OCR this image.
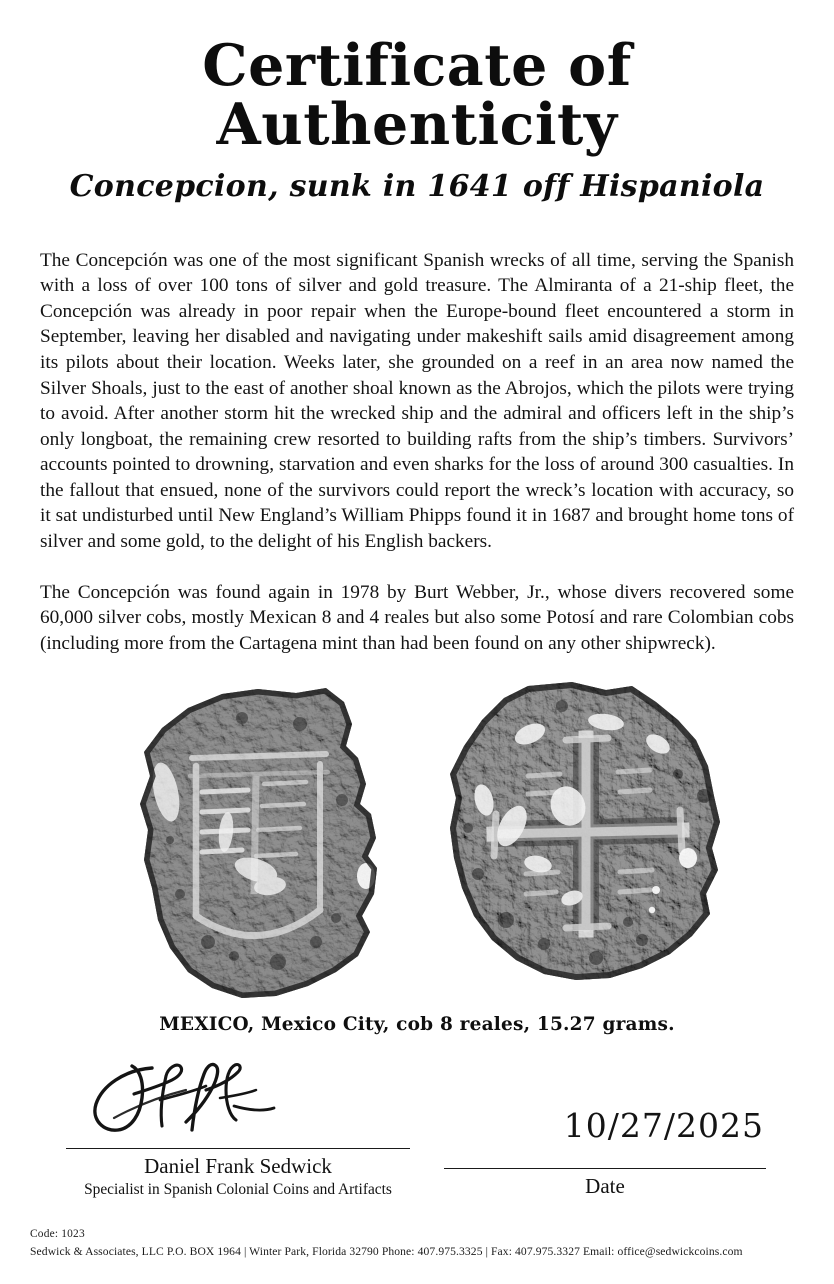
Certificate of Authenticity
Concepcion, sunk in 1641 off Hispaniola

The Concepción was one of the most significant Spanish wrecks of all time, serving the Spanish with a loss of over 100 tons of silver and gold treasure. The Almiranta of a 21-ship fleet, the Concepción was already in poor repair when the Europe-bound fleet encountered a storm in September, leaving her disabled and navigating under makeshift sails amid disagreement among its pilots about their location. Weeks later, she grounded on a reef in an area now named the Silver Shoals, just to the east of another shoal known as the Abrojos, which the pilots were trying to avoid. After another storm hit the wrecked ship and the admiral and officers left in the ship’s only longboat, the remaining crew resorted to building rafts from the ship’s timbers. Survivors’ accounts pointed to drowning, starvation and even sharks for the loss of around 300 casualties. In the fallout that ensued, none of the survivors could report the wreck’s location with accuracy, so it sat undisturbed until New England’s William Phipps found it in 1687 and brought home tons of silver and some gold, to the delight of his English backers.

The Concepción was found again in 1978 by Burt Webber, Jr., whose divers recovered some 60,000 silver cobs, mostly Mexican 8 and 4 reales but also some Potosí and rare Colombian cobs (including more from the Cartagena mint than had been found on any other shipwreck).

MEXICO, Mexico City, cob 8 reales, 15.27 grams.
Daniel Frank Sedwick
Specialist in Spanish Colonial Coins and Artifacts
10/27/2025
Date
Code: 1023
Sedwick & Associates, LLC P.O. BOX 1964 | Winter Park, Florida 32790 Phone: 407.975.3325 | Fax: 407.975.3327 Email: office@sedwickcoins.com
